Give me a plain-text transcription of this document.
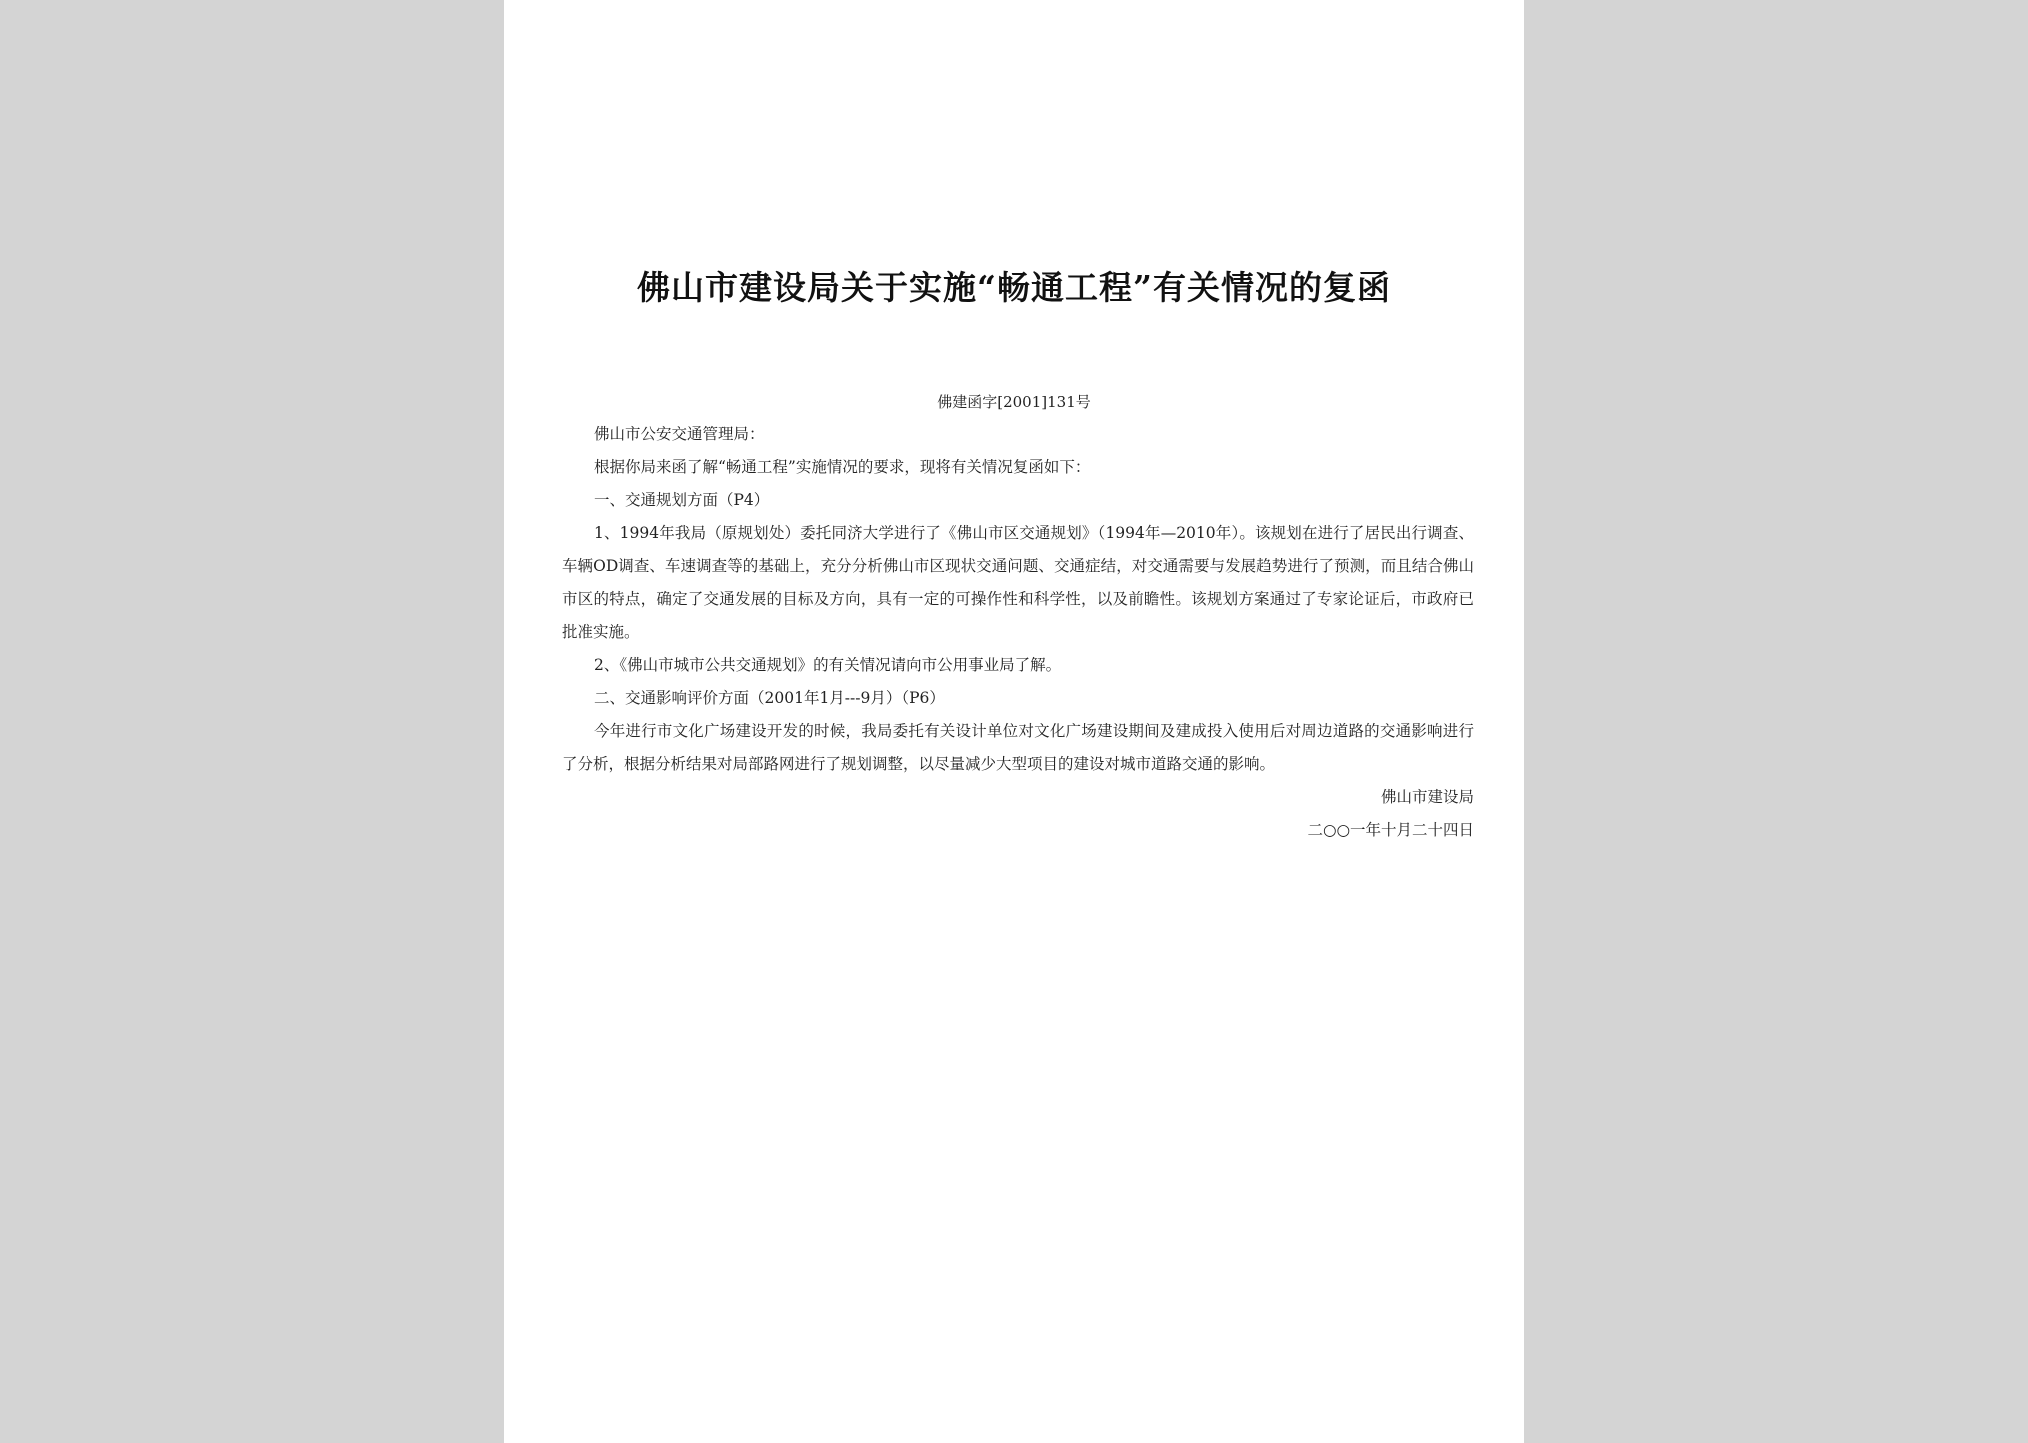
佛山市建设局关于实施“畅通工程”有关情况的复函
佛建函字[2001]131号

佛山市公安交通管理局：

根据你局来函了解“畅通工程”实施情况的要求，现将有关情况复函如下：

一、交通规划方面（P4）

1、1994年我局（原规划处）委托同济大学进行了《佛山市区交通规划》（1994年—2010年）。该规划在进行了居民出行调查、车辆OD调查、车速调查等的基础上，充分分析佛山市区现状交通问题、交通症结，对交通需要与发展趋势进行了预测，而且结合佛山市区的特点，确定了交通发展的目标及方向，具有一定的可操作性和科学性，以及前瞻性。该规划方案通过了专家论证后，市政府已批准实施。

2、《佛山市城市公共交通规划》的有关情况请向市公用事业局了解。

二、交通影响评价方面（2001年1月---9月）（P6）

今年进行市文化广场建设开发的时候，我局委托有关设计单位对文化广场建设期间及建成投入使用后对周边道路的交通影响进行了分析，根据分析结果对局部路网进行了规划调整，以尽量减少大型项目的建设对城市道路交通的影响。

佛山市建设局

二○○一年十月二十四日
